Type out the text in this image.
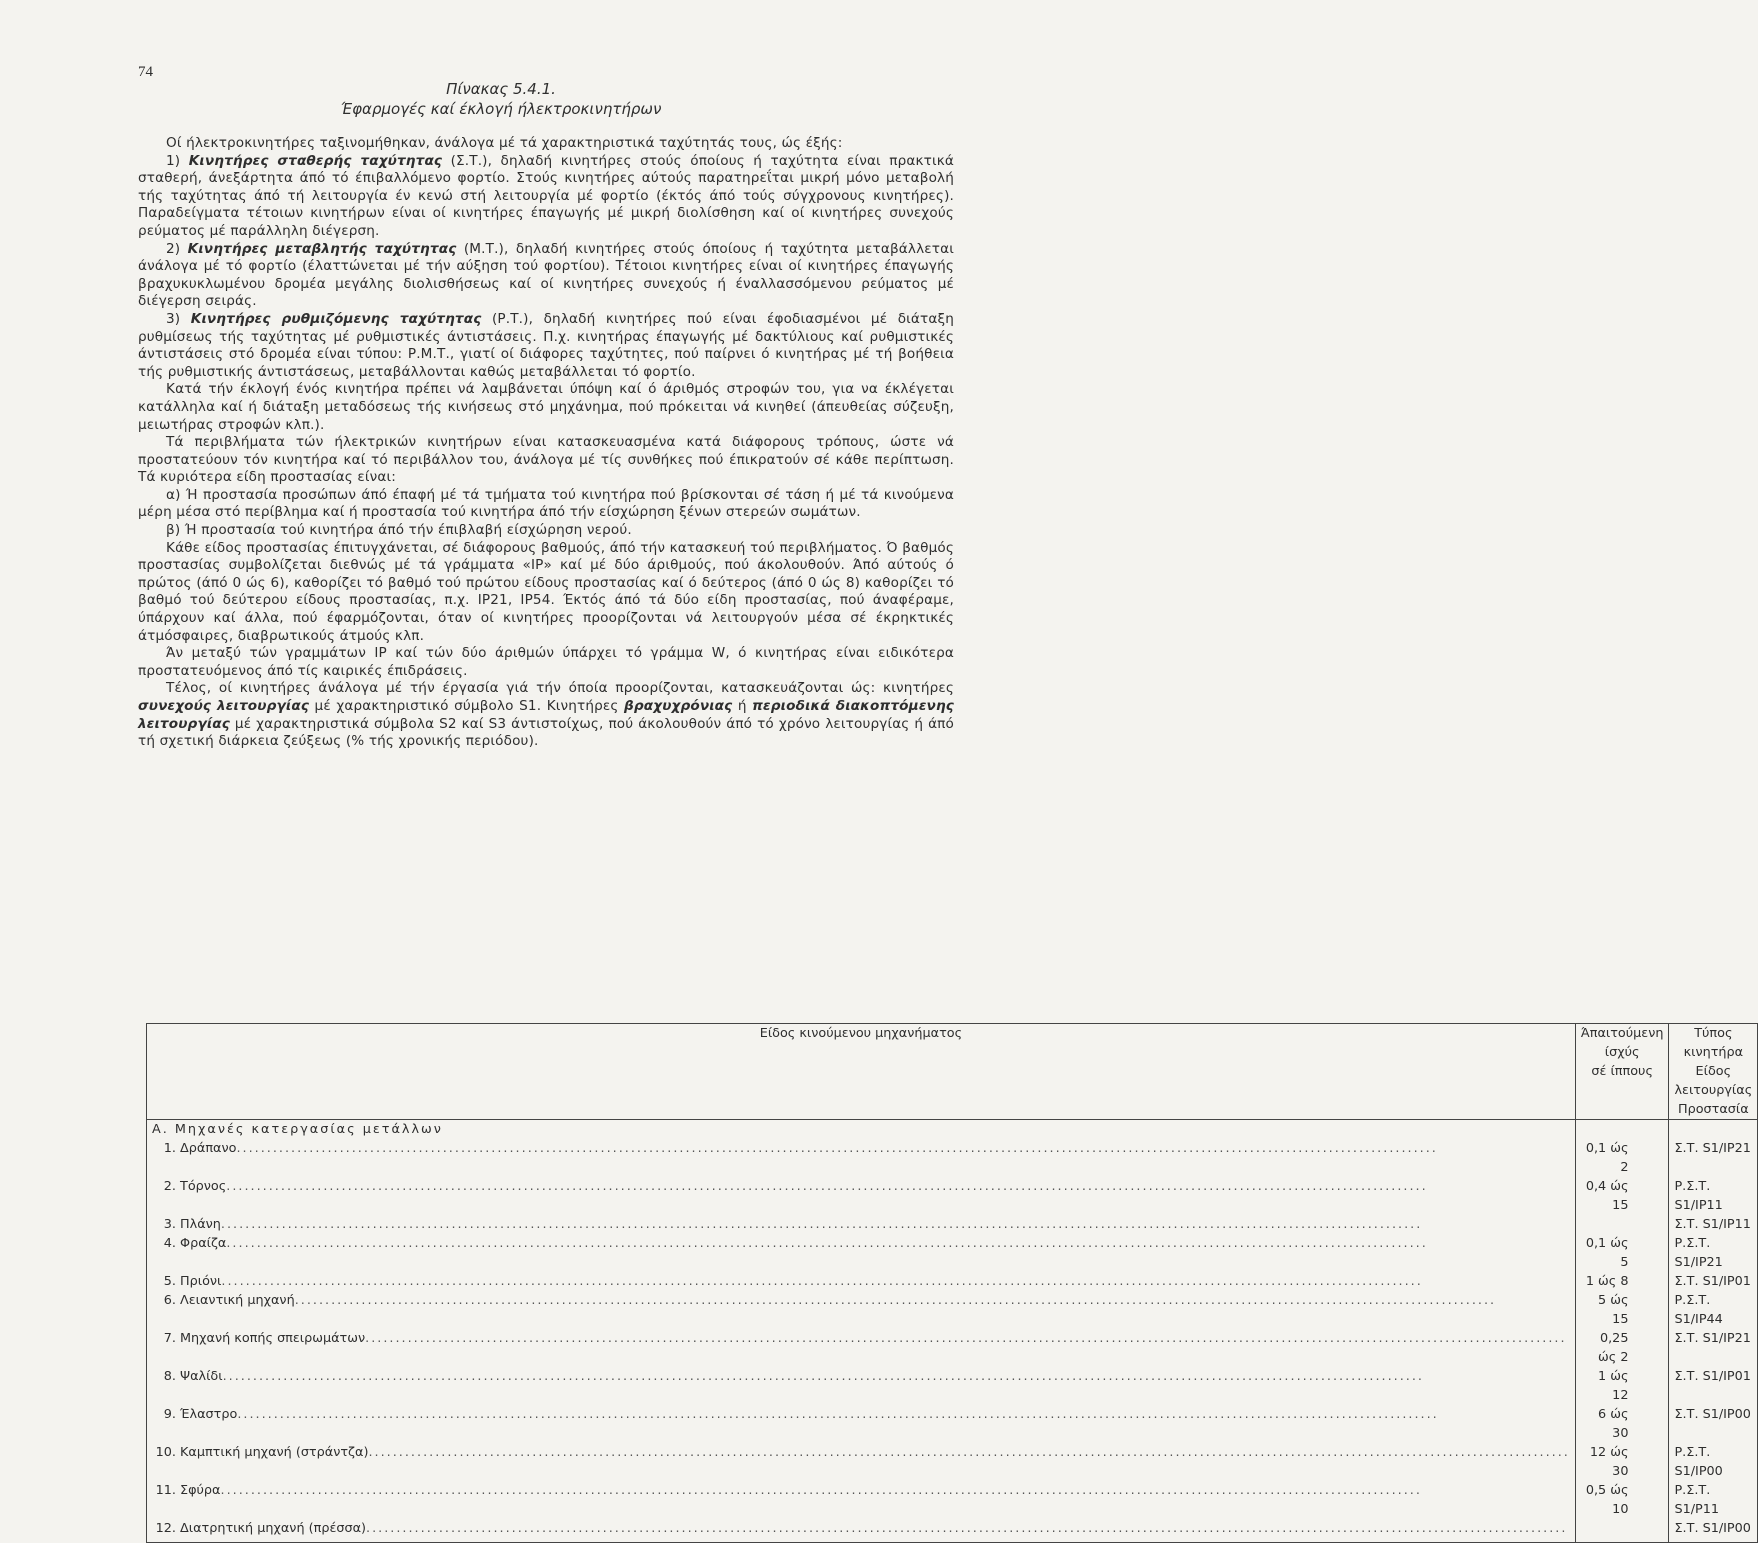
74
Πίνακας 5.4.1.
Έφαρμογές καί έκλογή ήλεκτροκινητήρων

Οί ήλεκτροκινητήρες ταξινομήθηκαν, άνάλογα μέ τά χαρακτηριστικά ταχύτητάς τους, ώς έξής:

1) Κινητήρες σταθερής ταχύτητας (Σ.Τ.), δηλαδή κινητήρες στούς όποίους ή ταχύτητα είναι πρακτικά σταθερή, άνεξάρτητα άπό τό έπιβαλλόμενο φορτίο. Στούς κινητήρες αύτούς παρατηρεΐται μικρή μόνο μεταβολή τής ταχύτητας άπό τή λειτουργία έν κενώ στή λειτουργία μέ φορτίο (έκτός άπό τούς σύγχρονους κινητήρες). Παραδείγματα τέτοιων κινητήρων είναι οί κινητήρες έπαγωγής μέ μικρή διολίσθηση καί οί κινητήρες συνεχούς ρεύματος μέ παράλληλη διέγερση.

2) Κινητήρες μεταβλητής ταχύτητας (Μ.Τ.), δηλαδή κινητήρες στούς όποίους ή ταχύτητα μεταβάλλεται άνάλογα μέ τό φορτίο (έλαττώνεται μέ τήν αύξηση τού φορτίου). Τέτοιοι κινητήρες είναι οί κινητήρες έπαγωγής βραχυκυκλωμένου δρομέα μεγάλης διολισθήσεως καί οί κινητήρες συνεχούς ή έναλλασσόμενου ρεύματος μέ διέγερση σειράς.

3) Κινητήρες ρυθμιζόμενης ταχύτητας (Ρ.Τ.), δηλαδή κινητήρες πού είναι έφοδιασμένοι μέ διάταξη ρυθμίσεως τής ταχύτητας μέ ρυθμιστικές άντιστάσεις. Π.χ. κινητήρας έπαγωγής μέ δακτύλιους καί ρυθμιστικές άντιστάσεις στό δρομέα είναι τύπου: Ρ.Μ.Τ., γιατί οί διάφορες ταχύτητες, πού παίρνει ό κινητήρας μέ τή βοήθεια τής ρυθμιστικής άντιστάσεως, μεταβάλλονται καθώς μεταβάλλεται τό φορτίο.

Κατά τήν έκλογή ένός κινητήρα πρέπει νά λαμβάνεται ύπόψη καί ό άριθμός στροφών του, για να έκλέγεται κατάλληλα καί ή διάταξη μεταδόσεως τής κινήσεως στό μηχάνημα, πού πρόκειται νά κινηθεί (άπευθείας σύζευξη, μειωτήρας στροφών κλπ.).

Τά περιβλήματα τών ήλεκτρικών κινητήρων είναι κατασκευασμένα κατά διάφορους τρόπους, ώστε νά προστατεύουν τόν κινητήρα καί τό περιβάλλον του, άνάλογα μέ τίς συνθήκες πού έπικρατούν σέ κάθε περίπτωση. Τά κυριότερα είδη προστασίας είναι:

α) Ή προστασία προσώπων άπό έπαφή μέ τά τμήματα τού κινητήρα πού βρίσκονται σέ τάση ή μέ τά κινούμενα μέρη μέσα στό περίβλημα καί ή προστασία τού κινητήρα άπό τήν είσχώρηση ξένων στερεών σωμάτων.

β) Ή προστασία τού κινητήρα άπό τήν έπιβλαβή είσχώρηση νερού.

Κάθε είδος προστασίας έπιτυγχάνεται, σέ διάφορους βαθμούς, άπό τήν κατασκευή τού περιβλήματος. Ό βαθμός προστασίας συμβολίζεται διεθνώς μέ τά γράμματα «ΙΡ» καί μέ δύο άριθμούς, πού άκολουθούν. Άπό αύτούς ό πρώτος (άπό 0 ώς 6), καθορίζει τό βαθμό τού πρώτου είδους προστασίας καί ό δεύτερος (άπό 0 ώς 8) καθορίζει τό βαθμό τού δεύτερου είδους προστασίας, π.χ. ΙΡ21, ΙΡ54. Έκτός άπό τά δύο είδη προστασίας, πού άναφέραμε, ύπάρχουν καί άλλα, πού έφαρμόζονται, όταν οί κινητήρες προορίζονται νά λειτουργούν μέσα σέ έκρηκτικές άτμόσφαιρες, διαβρωτικούς άτμούς κλπ.

Άν μεταξύ τών γραμμάτων ΙΡ καί τών δύο άριθμών ύπάρχει τό γράμμα W, ό κινητήρας είναι ειδικότερα προστατευόμενος άπό τίς καιρικές έπιδράσεις.

Τέλος, οί κινητήρες άνάλογα μέ τήν έργασία γιά τήν όποία προορίζονται, κατασκευάζονται ώς: κινητήρες συνεχούς λειτουργίας μέ χαρακτηριστικό σύμβολο S1. Κινητήρες βραχυχρόνιας ή περιοδικά διακοπτόμενης λειτουργίας μέ χαρακτηριστικά σύμβολα S2 καί S3 άντιστοίχως, πού άκολουθούν άπό τό χρόνο λειτουργίας ή άπό τή σχετική διάρκεια ζεύξεως (% τής χρονικής περιόδου).

Είδος κινούμενου μηχανήματος	Άπαιτούμενη
ίσχύς
σέ ίππους	Τύπος κινητήρα
Είδος λειτουργίας
Προστασία
Α. Μηχανές κατεργασίας μετάλλων		

1. Δράπανο
.....	0,1 ώς 2	Σ.Τ. S1/IP21

2. Τόρνος
.....	0,4 ώς 15	Ρ.Σ.Τ. S1/IP11

3. Πλάνη
.....		Σ.Τ. S1/IP11

4. Φραίζα
.....	0,1 ώς 5	Ρ.Σ.Τ. S1/IP21

5. Πριόνι
.....	1 ώς 8	Σ.Τ. S1/IP01

6. Λειαντική μηχανή
.....	5 ώς 15	Ρ.Σ.Τ. S1/IP44

7. Μηχανή κοπής σπειρωμάτων
.....	0,25 ώς 2	Σ.Τ. S1/IP21

8. Ψαλίδι
.....	1 ώς 12	Σ.Τ. S1/IP01

9. Έλαστρο
.....	6 ώς 30	Σ.Τ. S1/IP00

10. Καμπτική μηχανή (στράντζα)
.....	12 ώς 30	Ρ.Σ.Τ. S1/IP00

11. Σφύρα
.....	0,5 ώς 10	Ρ.Σ.Τ. S1/P11

12. Διατρητική μηχανή (πρέσσα)
.....		Σ.Τ. S1/IP00
